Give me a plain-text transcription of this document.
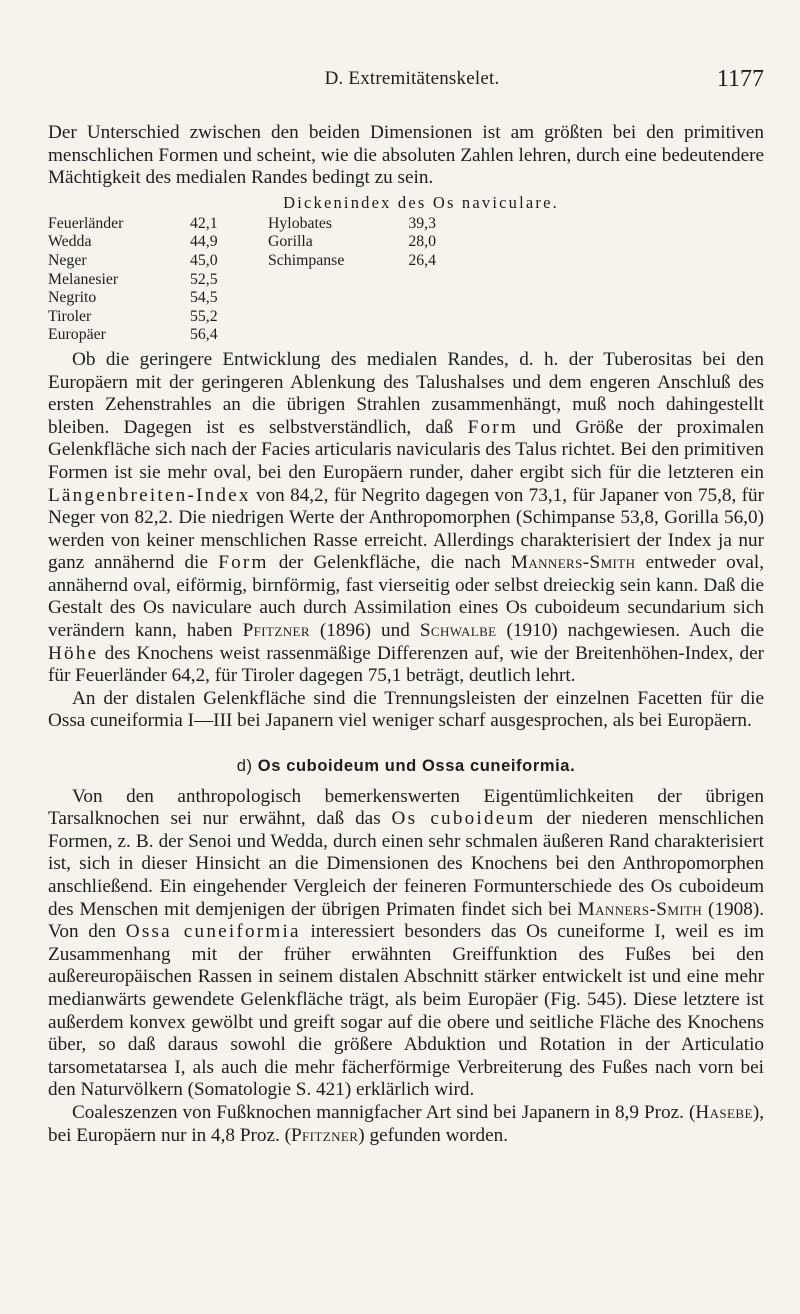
D. Extremitätenskelet.	1177

Der Unterschied zwischen den beiden Dimensionen ist am größten bei den primitiven menschlichen Formen und scheint, wie die absoluten Zahlen lehren, durch eine bedeutendere Mächtigkeit des medialen Randes bedingt zu sein.

Dickenindex des Os naviculare.
Feuerländer	42,1	Hylobates	39,3
Wedda	44,9	Gorilla	28,0
Neger	45,0	Schimpanse	26,4
Melanesier	52,5		
Negrito	54,5		
Tiroler	55,2		
Europäer	56,4		

Ob die geringere Entwicklung des medialen Randes, d. h. der Tuberositas bei den Europäern mit der geringeren Ablenkung des Talushalses und dem engeren Anschluß des ersten Zehenstrahles an die übrigen Strahlen zusammenhängt, muß noch dahingestellt bleiben. Dagegen ist es selbstverständlich, daß Form und Größe der proximalen Gelenkfläche sich nach der Facies articularis navicularis des Talus richtet. Bei den primitiven Formen ist sie mehr oval, bei den Europäern runder, daher ergibt sich für die letzteren ein Längenbreiten-Index von 84,2, für Negrito dagegen von 73,1, für Japaner von 75,8, für Neger von 82,2. Die niedrigen Werte der Anthropomorphen (Schimpanse 53,8, Gorilla 56,0) werden von keiner menschlichen Rasse erreicht. Allerdings charakterisiert der Index ja nur ganz annähernd die Form der Gelenkfläche, die nach Manners-Smith entweder oval, annähernd oval, eiförmig, birnförmig, fast vierseitig oder selbst dreieckig sein kann. Daß die Gestalt des Os naviculare auch durch Assimilation eines Os cuboideum secundarium sich verändern kann, haben Pfitzner (1896) und Schwalbe (1910) nachgewiesen. Auch die Höhe des Knochens weist rassenmäßige Differenzen auf, wie der Breitenhöhen-Index, der für Feuerländer 64,2, für Tiroler dagegen 75,1 beträgt, deutlich lehrt.

An der distalen Gelenkfläche sind die Trennungsleisten der einzelnen Facetten für die Ossa cuneiformia I—III bei Japanern viel weniger scharf ausgesprochen, als bei Europäern.

d) Os cuboideum und Ossa cuneiformia.

Von den anthropologisch bemerkenswerten Eigentümlichkeiten der übrigen Tarsalknochen sei nur erwähnt, daß das Os cuboideum der niederen menschlichen Formen, z. B. der Senoi und Wedda, durch einen sehr schmalen äußeren Rand charakterisiert ist, sich in dieser Hinsicht an die Dimensionen des Knochens bei den Anthropomorphen anschließend. Ein eingehender Vergleich der feineren Formunterschiede des Os cuboideum des Menschen mit demjenigen der übrigen Primaten findet sich bei Manners-Smith (1908). Von den Ossa cuneiformia interessiert besonders das Os cuneiforme I, weil es im Zusammenhang mit der früher erwähnten Greiffunktion des Fußes bei den außereuropäischen Rassen in seinem distalen Abschnitt stärker entwickelt ist und eine mehr medianwärts gewendete Gelenkfläche trägt, als beim Europäer (Fig. 545). Diese letztere ist außerdem konvex gewölbt und greift sogar auf die obere und seitliche Fläche des Knochens über, so daß daraus sowohl die größere Abduktion und Rotation in der Articulatio tarsometatarsea I, als auch die mehr fächerförmige Verbreiterung des Fußes nach vorn bei den Naturvölkern (Somatologie S. 421) erklärlich wird.

Coaleszenzen von Fußknochen mannigfacher Art sind bei Japanern in 8,9 Proz. (Hasebe), bei Europäern nur in 4,8 Proz. (Pfitzner) gefunden worden.
